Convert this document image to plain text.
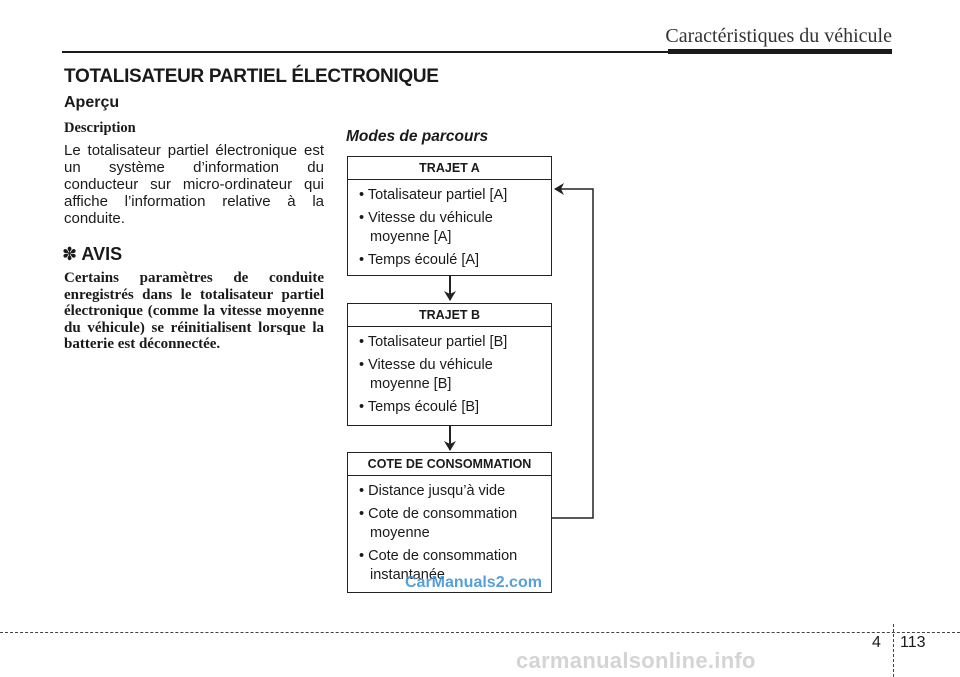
Caractéristiques du véhicule
TOTALISATEUR PARTIEL ÉLECTRONIQUE
Aperçu
Description
Le totalisateur partiel électronique est un système d’information du conducteur sur micro-ordinateur qui affiche l’information relative à la conduite.
✽ AVIS
Certains paramètres de conduite enregistrés dans le totalisateur partiel électronique (comme la vitesse moyenne du véhicule) se réinitialisent lorsque la batterie est déconnectée.
Modes de parcours
TRAJET A
• Totalisateur partiel [A]
• Vitesse du véhicule moyenne [A]
• Temps écoulé [A]
TRAJET B
• Totalisateur partiel [B]
• Vitesse du véhicule moyenne [B]
• Temps écoulé [B]
COTE DE CONSOMMATION
• Distance jusqu’à vide
• Cote de consommation moyenne
• Cote de consommation instantanée
CarManuals2.com
4 113
carmanualsonline.info
